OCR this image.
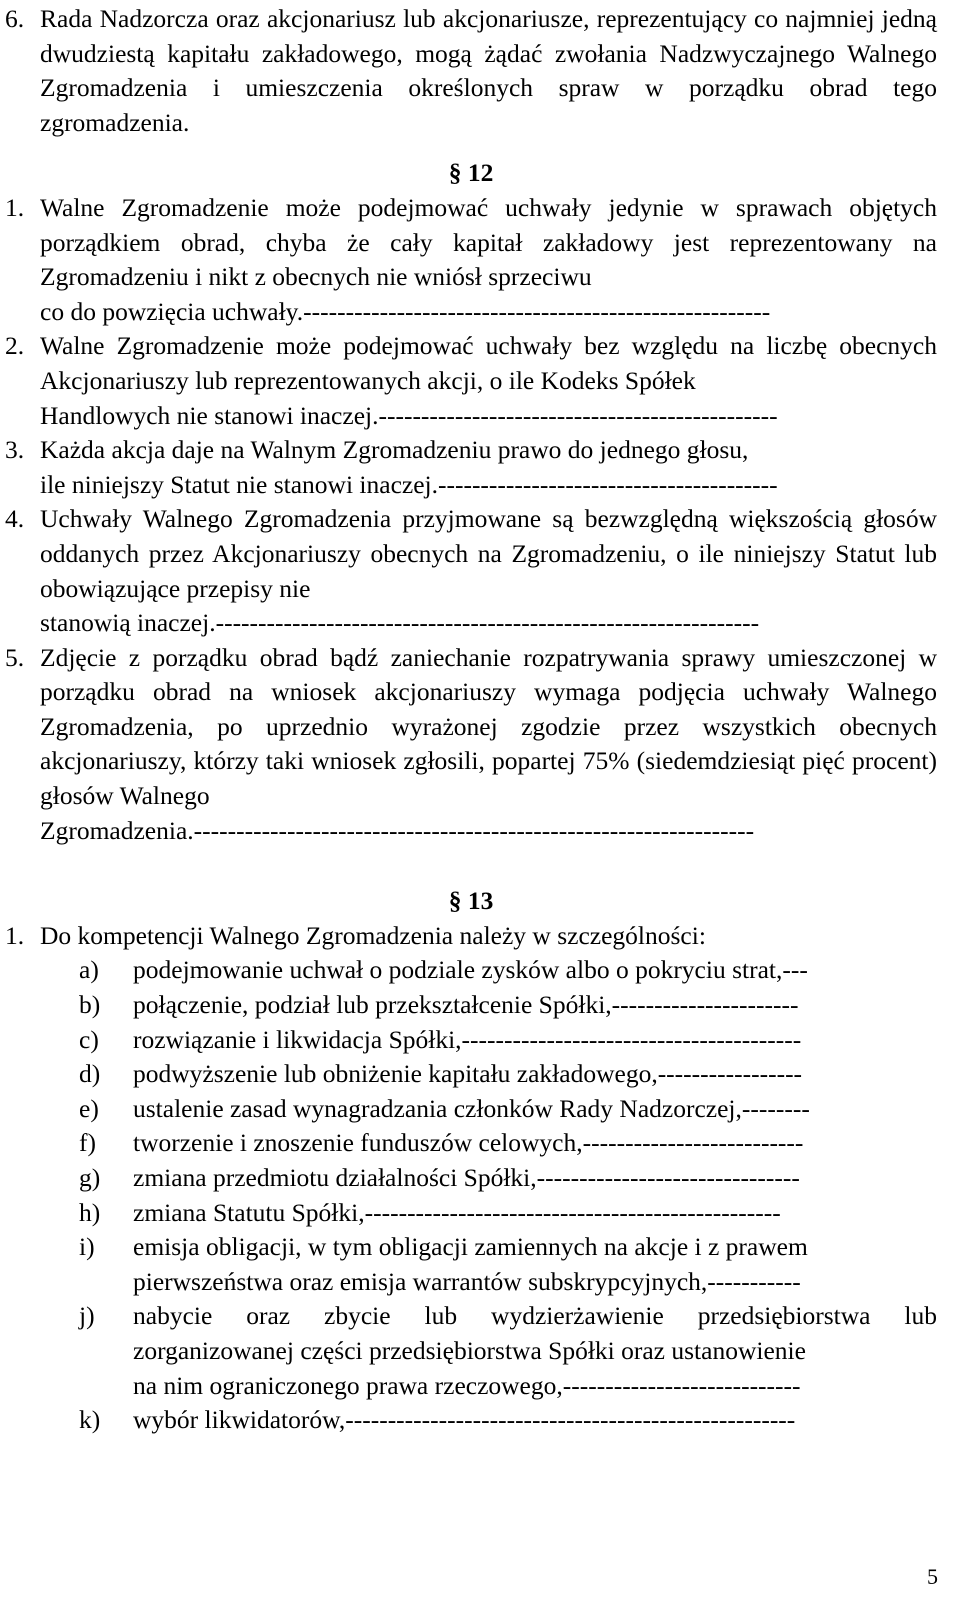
6. Rada Nadzorcza oraz akcjonariusz lub akcjonariusze, reprezentujący co najmniej jedną dwudziestą kapitału zakładowego, mogą żądać zwołania Nadzwyczajnego Walnego Zgromadzenia i umieszczenia określonych spraw w porządku obrad tego zgromadzenia.
§ 12
1. Walne Zgromadzenie może podejmować uchwały jedynie w sprawach objętych porządkiem obrad, chyba że cały kapitał zakładowy jest reprezentowany na Zgromadzeniu i nikt z obecnych nie wniósł sprzeciwu
co do powzięcia uchwały.-------------------------------------------------------
2. Walne Zgromadzenie może podejmować uchwały bez względu na liczbę obecnych Akcjonariuszy lub reprezentowanych akcji, o ile Kodeks Spółek
Handlowych nie stanowi inaczej.-----------------------------------------------
3. Każda akcja daje na Walnym Zgromadzeniu prawo do jednego głosu,
ile niniejszy Statut nie stanowi inaczej.----------------------------------------
4. Uchwały Walnego Zgromadzenia przyjmowane są bezwzględną większością głosów oddanych przez Akcjonariuszy obecnych na Zgromadzeniu, o ile niniejszy Statut lub obowiązujące przepisy nie
stanowią inaczej.----------------------------------------------------------------
5. Zdjęcie z porządku obrad bądź zaniechanie rozpatrywania sprawy umieszczonej w porządku obrad na wniosek akcjonariuszy wymaga podjęcia uchwały Walnego Zgromadzenia, po uprzednio wyrażonej zgodzie przez wszystkich obecnych akcjonariuszy, którzy taki wniosek zgłosili, popartej 75% (siedemdziesiąt pięć procent) głosów Walnego
Zgromadzenia.------------------------------------------------------------------
§ 13
1. Do kompetencji Walnego Zgromadzenia należy w szczególności:
a) podejmowanie uchwał o podziale zysków albo o pokryciu strat,---
b) połączenie, podział lub przekształcenie Spółki,----------------------
c) rozwiązanie i likwidacja Spółki,----------------------------------------
d) podwyższenie lub obniżenie kapitału zakładowego,-----------------
e) ustalenie zasad wynagradzania członków Rady Nadzorczej,--------
f) tworzenie i znoszenie funduszów celowych,--------------------------
g) zmiana przedmiotu działalności Spółki,-------------------------------
h) zmiana Statutu Spółki,-------------------------------------------------
i) emisja obligacji, w tym obligacji zamiennych na akcje i z prawem
pierwszeństwa oraz emisja warrantów subskrypcyjnych,-----------
j) nabycie oraz zbycie lub wydzierżawienie przedsiębiorstwa lub zorganizowanej części przedsiębiorstwa Spółki oraz ustanowienie
na nim ograniczonego prawa rzeczowego,----------------------------
k) wybór likwidatorów,-----------------------------------------------------
5
